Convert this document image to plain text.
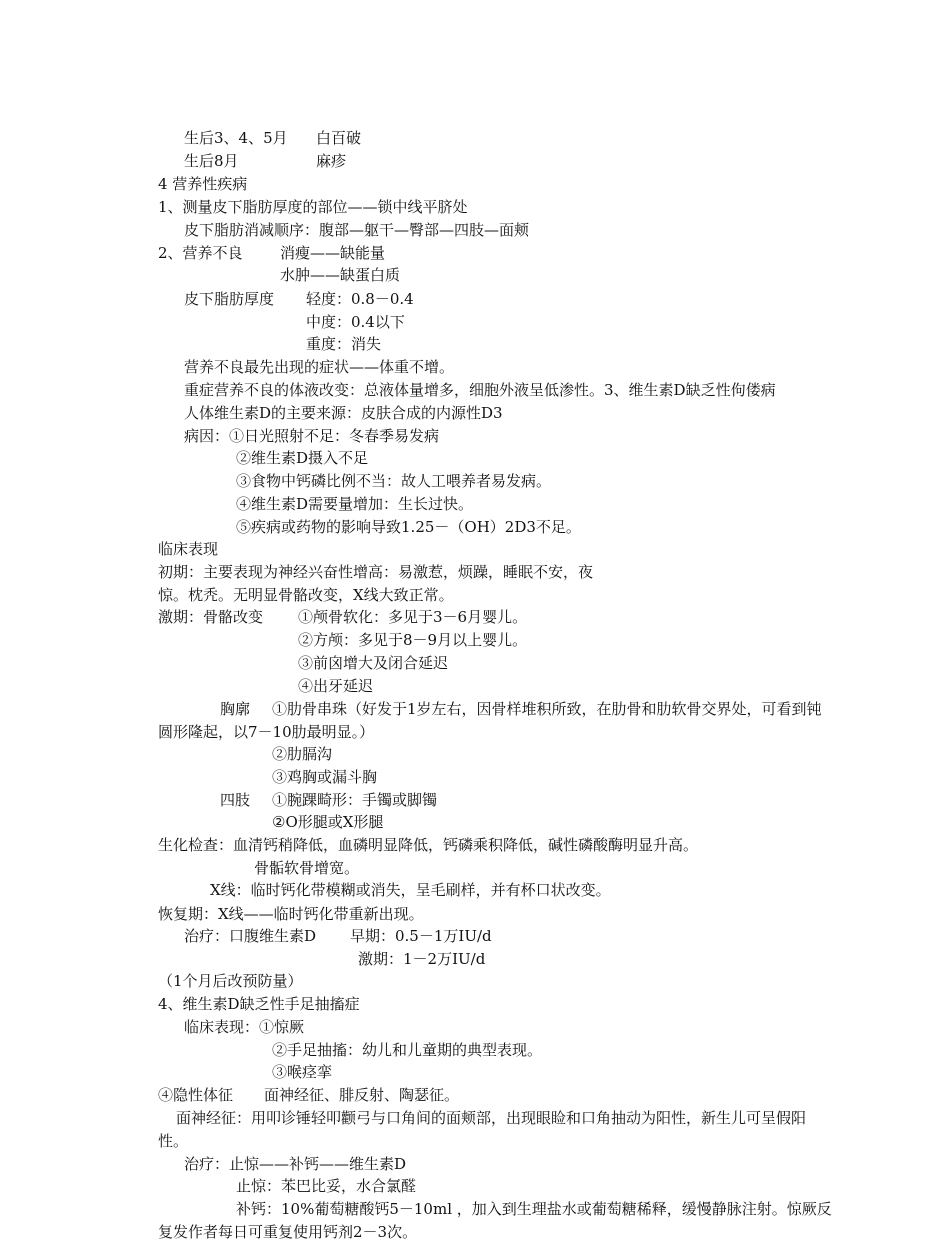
生后3、4、5月 白百破
生后8月	麻疹
4 营养性疾病
1、测量皮下脂肪厚度的部位——锁中线平脐处
皮下脂肪消减顺序：腹部—躯干—臀部—四肢—面颊
2、营养不良 消瘦——缺能量
水肿——缺蛋白质
皮下脂肪厚度 轻度：0.8－0.4
中度：0.4以下
重度：消失
营养不良最先出现的症状——体重不增。
重症营养不良的体液改变：总液体量增多，细胞外液呈低渗性。3、维生素D缺乏性佝偻病
人体维生素D的主要来源：皮肤合成的内源性D3
病因：①日光照射不足：冬春季易发病
②维生素D摄入不足
③食物中钙磷比例不当：故人工喂养者易发病。
④维生素D需要量增加：生长过快。
⑤疾病或药物的影响导致1.25－（OH）2D3不足。
临床表现
初期：主要表现为神经兴奋性增高：易激惹，烦躁，睡眠不安，夜
惊。枕秃。无明显骨骼改变，X线大致正常。
激期：骨骼改变 ①颅骨软化：多见于3－6月婴儿。
②方颅：多见于8－9月以上婴儿。
③前囟增大及闭合延迟
④出牙延迟
胸廓 ①肋骨串珠（好发于1岁左右，因骨样堆积所致，在肋骨和肋软骨交界处，可看到钝
圆形隆起，以7－10肋最明显。）
②肋膈沟
③鸡胸或漏斗胸
四肢 ①腕踝畸形：手镯或脚镯
②O形腿或X形腿
生化检查：血清钙稍降低，血磷明显降低，钙磷乘积降低，碱性磷酸酶明显升高。
骨骺软骨增宽。
X线：临时钙化带模糊或消失，呈毛刷样，并有杯口状改变。
恢复期：X线——临时钙化带重新出现。
治疗：口腹维生素D 早期：0.5－1万IU/d
激期：1－2万IU/d
（1个月后改预防量）
4、维生素D缺乏性手足抽搐症
临床表现：①惊厥
②手足抽搐：幼儿和儿童期的典型表现。
③喉痉挛
④隐性体征 面神经征、腓反射、陶瑟征。
面神经征：用叩诊锤轻叩颧弓与口角间的面颊部，出现眼睑和口角抽动为阳性，新生儿可呈假阳
性。
治疗：止惊——补钙——维生素D
止惊：苯巴比妥，水合氯醛
补钙：10%葡萄糖酸钙5－10ml ，加入到生理盐水或葡萄糖稀释，缓慢静脉注射。惊厥反
复发作者每日可重复使用钙剂2－3次。
